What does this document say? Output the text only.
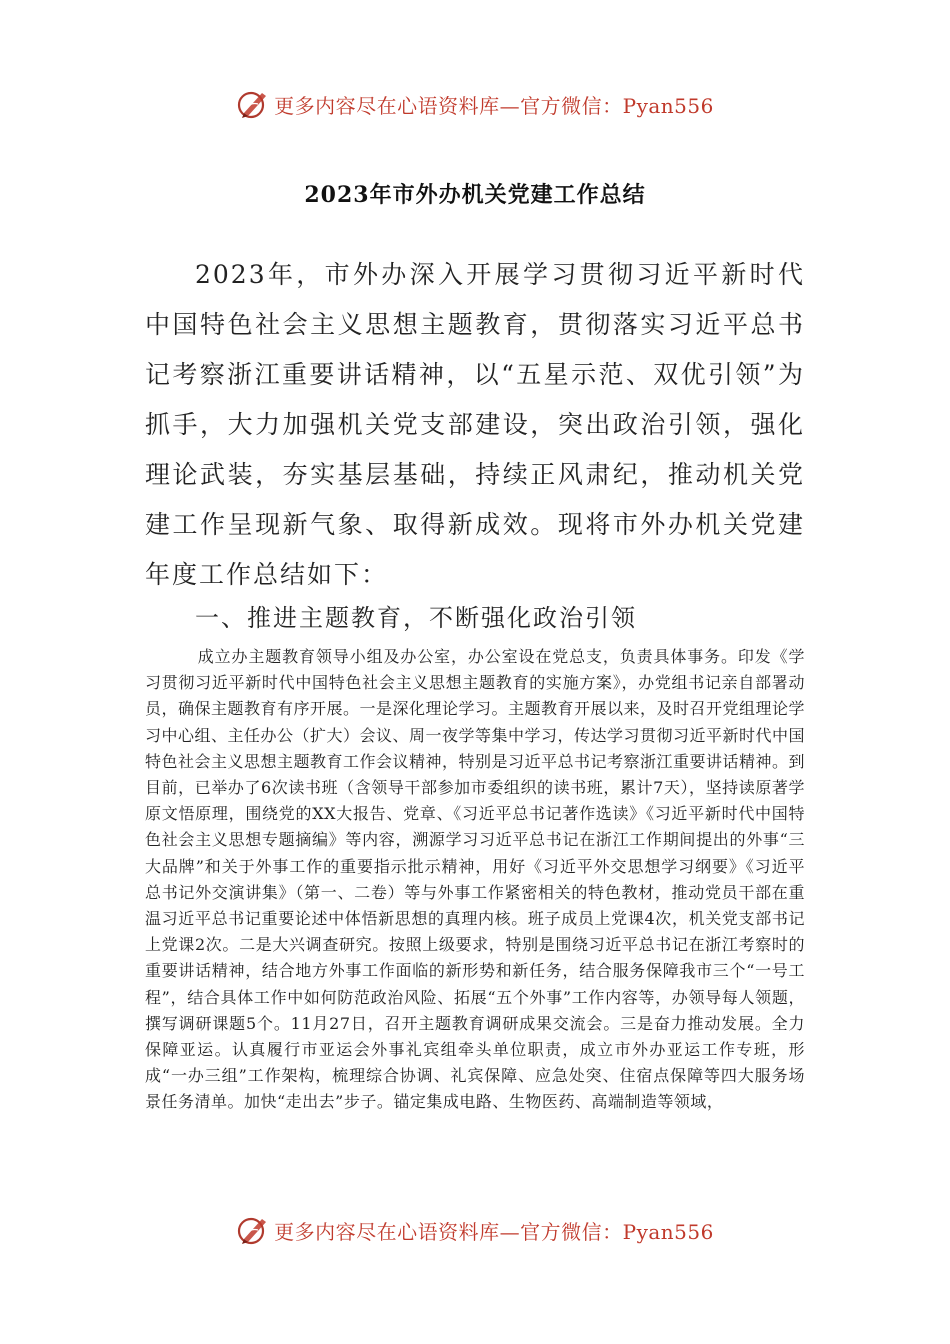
更多内容尽在心语资料库—官方微信：Pyan556
2023年市外办机关党建工作总结

2023年，市外办深入开展学习贯彻习近平新时代中国特色社会主义思想主题教育，贯彻落实习近平总书记考察浙江重要讲话精神，以“五星示范、双优引领”为抓手，大力加强机关党支部建设，突出政治引领，强化理论武装，夯实基层基础，持续正风肃纪，推动机关党建工作呈现新气象、取得新成效。现将市外办机关党建年度工作总结如下：

一、推进主题教育，不断强化政治引领

成立办主题教育领导小组及办公室，办公室设在党总支，负责具体事务。印发《学习贯彻习近平新时代中国特色社会主义思想主题教育的实施方案》，办党组书记亲自部署动员，确保主题教育有序开展。一是深化理论学习。主题教育开展以来，及时召开党组理论学习中心组、主任办公（扩大）会议、周一夜学等集中学习，传达学习贯彻习近平新时代中国特色社会主义思想主题教育工作会议精神，特别是习近平总书记考察浙江重要讲话精神。到目前，已举办了6次读书班（含领导干部参加市委组织的读书班，累计7天），坚持读原著学原文悟原理，围绕党的XX大报告、党章、《习近平总书记著作选读》《习近平新时代中国特色社会主义思想专题摘编》等内容，溯源学习习近平总书记在浙江工作期间提出的外事“三大品牌”和关于外事工作的重要指示批示精神，用好《习近平外交思想学习纲要》《习近平总书记外交演讲集》（第一、二卷）等与外事工作紧密相关的特色教材，推动党员干部在重温习近平总书记重要论述中体悟新思想的真理内核。班子成员上党课4次，机关党支部书记上党课2次。二是大兴调查研究。按照上级要求，特别是围绕习近平总书记在浙江考察时的重要讲话精神，结合地方外事工作面临的新形势和新任务，结合服务保障我市三个“一号工程”，结合具体工作中如何防范政治风险、拓展“五个外事”工作内容等，办领导每人领题，撰写调研课题5个。11月27日，召开主题教育调研成果交流会。三是奋力推动发展。全力保障亚运。认真履行市亚运会外事礼宾组牵头单位职责，成立市外办亚运工作专班，形成“一办三组”工作架构，梳理综合协调、礼宾保障、应急处突、住宿点保障等四大服务场景任务清单。加快“走出去”步子。锚定集成电路、生物医药、高端制造等领域，

更多内容尽在心语资料库—官方微信：Pyan556
